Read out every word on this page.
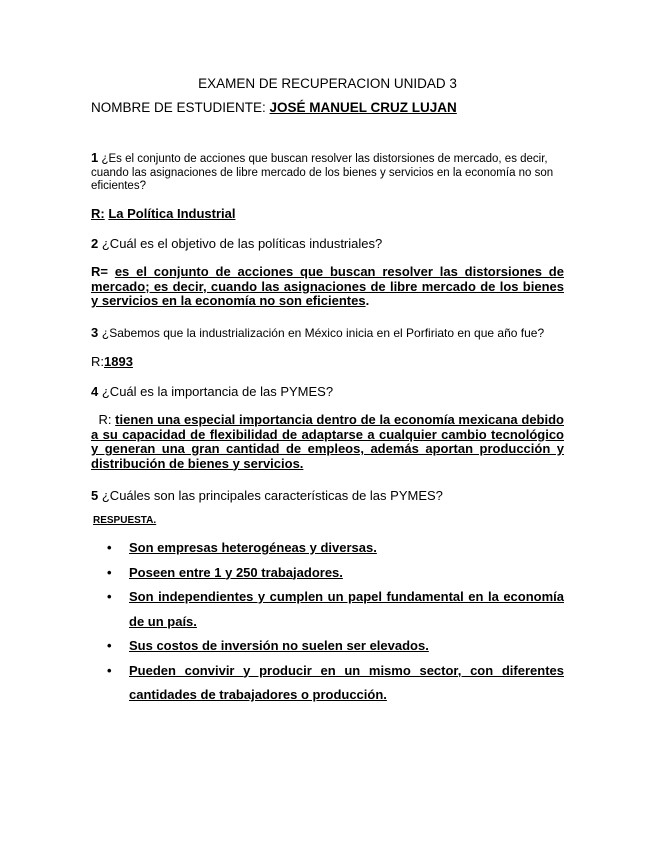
EXAMEN DE RECUPERACION UNIDAD 3
NOMBRE DE ESTUDIENTE: JOSÉ MANUEL CRUZ LUJAN
1 ¿Es el conjunto de acciones que buscan resolver las distorsiones de mercado, es decir, cuando las asignaciones de libre mercado de los bienes y servicios en la economía no son eficientes?
R: La Política Industrial
2 ¿Cuál es el objetivo de las políticas industriales?
R= es el conjunto de acciones que buscan resolver las distorsiones de mercado; es decir, cuando las asignaciones de libre mercado de los bienes y servicios en la economía no son eficientes.
3 ¿Sabemos que la industrialización en México inicia en el Porfiriato en que año fue?
R:1893
4 ¿Cuál es la importancia de las PYMES?
R: tienen una especial importancia dentro de la economía mexicana debido a su capacidad de flexibilidad de adaptarse a cualquier cambio tecnológico y generan una gran cantidad de empleos, además aportan producción y distribución de bienes y servicios.
5 ¿Cuáles son las principales características de las PYMES?
RESPUESTA.
• Son empresas heterogéneas y diversas.
• Poseen entre 1 y 250 trabajadores.
• Son independientes y cumplen un papel fundamental en la economía de un país.
• Sus costos de inversión no suelen ser elevados.
• Pueden convivir y producir en un mismo sector, con diferentes cantidades de trabajadores o producción.
